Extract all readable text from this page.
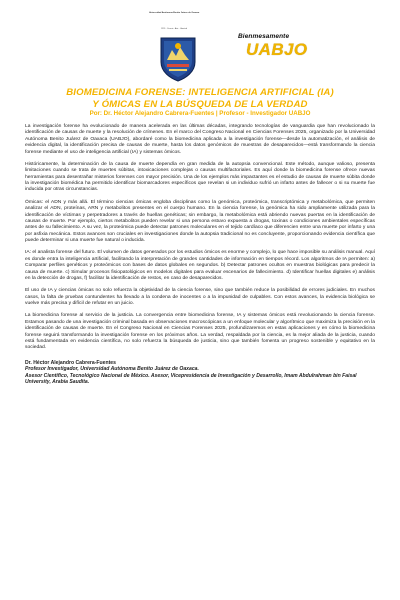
Universidad Autónoma Benito Juárez de Oaxaca
1955 · Ciencia · Arte · Libertad
Bienmesamente
UABJO
BIOMEDICINA FORENSE: INTELIGENCIA ARTIFICIAL (IA)
Y ÓMICAS EN LA BÚSQUEDA DE LA VERDAD
Por: Dr. Héctor Alejandro Cabrera-Fuentes | Profesor - Investigador UABJO

La investigación forense ha evolucionado de manera acelerada en las últimas décadas, integrando tecnologías de vanguardia que han revolucionado la identificación de causas de muerte y la resolución de crímenes. En el marco del Congreso Nacional en Ciencias Forenses 2025, organizado por la Universidad Autónoma Benito Juárez de Oaxaca (UABJO), abordaré como la biomedicina aplicada a la investigación forense—desde la automatización, el análisis de evidencia digital, la identificación precisa de causas de muerte, hasta los datos genómicos de muestras de desaparecidos—está transformando la ciencia forense mediante el uso de inteligencia artificial (IA) y sistemas ómicos.

Históricamente, la determinación de la causa de muerte dependía en gran medida de la autopsia convencional. Este método, aunque valioso, presenta limitaciones cuando se trata de muertes súbitas, intoxicaciones complejas o causas multifactoriales. Es aquí donde la biomedicina forense ofrece nuevas herramientas para desentrañar misterios forenses con mayor precisión. Una de los ejemplos más impactantes es el estudio de causas de muerte súbita donde la investigación biomédica ha permitido identificar biomarcadores específicos que revelan si un individuo sufrió un infarto antes de fallecer o si su muerte fue inducida por otras circunstancias.

Ómicas: el ADN y más allá. El término ciencias ómicas engloba disciplinas como la genómica, proteómica, transcriptómica y metabolómica, que permiten analizar el ADN, proteínas, ARN y metabolitos presentes en el cuerpo humano. En la ciencia forense, la genómica ha sido ampliamente utilizada para la identificación de víctimas y perpetradores a través de huellas genéticas; sin embargo, la metabolómica está abriendo nuevas puertas en la identificación de causas de muerte. Por ejemplo, ciertos metabolitos pueden revelar si una persona estuvo expuesta a drogas, toxinas o condiciones ambientales específicas antes de su fallecimiento. A su vez, la proteómica puede detectar patrones moleculares en el tejido cardíaco que diferencien entre una muerte por infarto y una por asfixia mecánica. Estos avances son cruciales en investigaciones donde la autopsia tradicional no es concluyente, proporcionando evidencia científica que puede determinar si una muerte fue natural o inducida.

IA: el analista forense del futuro. El volumen de datos generados por los estudios ómicos es enorme y complejo, lo que hace imposible su análisis manual. Aquí es donde entra la inteligencia artificial, facilitando la interpretación de grandes cantidades de información en tiempos récord. Los algoritmos de IA permiten: a) Comparar perfiles genéticos y proteómicos con bases de datos globales en segundos. b) Detectar patrones ocultos en muestras biológicas para predecir la causa de muerte. c) Simular procesos fisiopatológicos en modelos digitales para evaluar escenarios de fallecimiento. d) Identificar huellas digitales e) análisis en la detección de drogas, f) facilitar la identificación de restos, en caso de desaparecidos.

El uso de IA y ciencias ómicas no solo refuerza la objetividad de la ciencia forense, sino que también reduce la posibilidad de errores judiciales. En muchos casos, la falta de pruebas contundentes ha llevado a la condena de inocentes o a la impunidad de culpables. Con estos avances, la evidencia biológica se vuelve más precisa y difícil de refutar en un juicio.

La biomedicina forense al servicio de la justicia. La convergencia entre biomedicina forense, IA y sistemas ómicos está revolucionando la ciencia forense. Estamos pasando de una investigación criminal basada en observaciones macroscópicas a un enfoque molecular y algorítmico que maximiza la precisión en la identificación de causas de muerte. En el Congreso Nacional en Ciencias Forenses 2025, profundizaremos en estas aplicaciones y en cómo la biomedicina forense seguirá transformando la investigación forense en los próximos años. La verdad, respaldada por la ciencia, es la mejor aliada de la justicia, cuando está fundamentada en evidencia científica, no solo refuerza la búsqueda de justicia, sino que también fomenta un progreso sostenible y equitativo en la sociedad.

Dr. Héctor Alejandro Cabrera-Fuentes
Profesor Investigador, Universidad Autónoma Benito Juárez de Oaxaca.
Asesor Científico, Tecnológico Nacional de México. Asesor, Vicepresidencia de Investigación y Desarrollo, Imam Abdulrahman bin Faisal University, Arabia Saudita.
